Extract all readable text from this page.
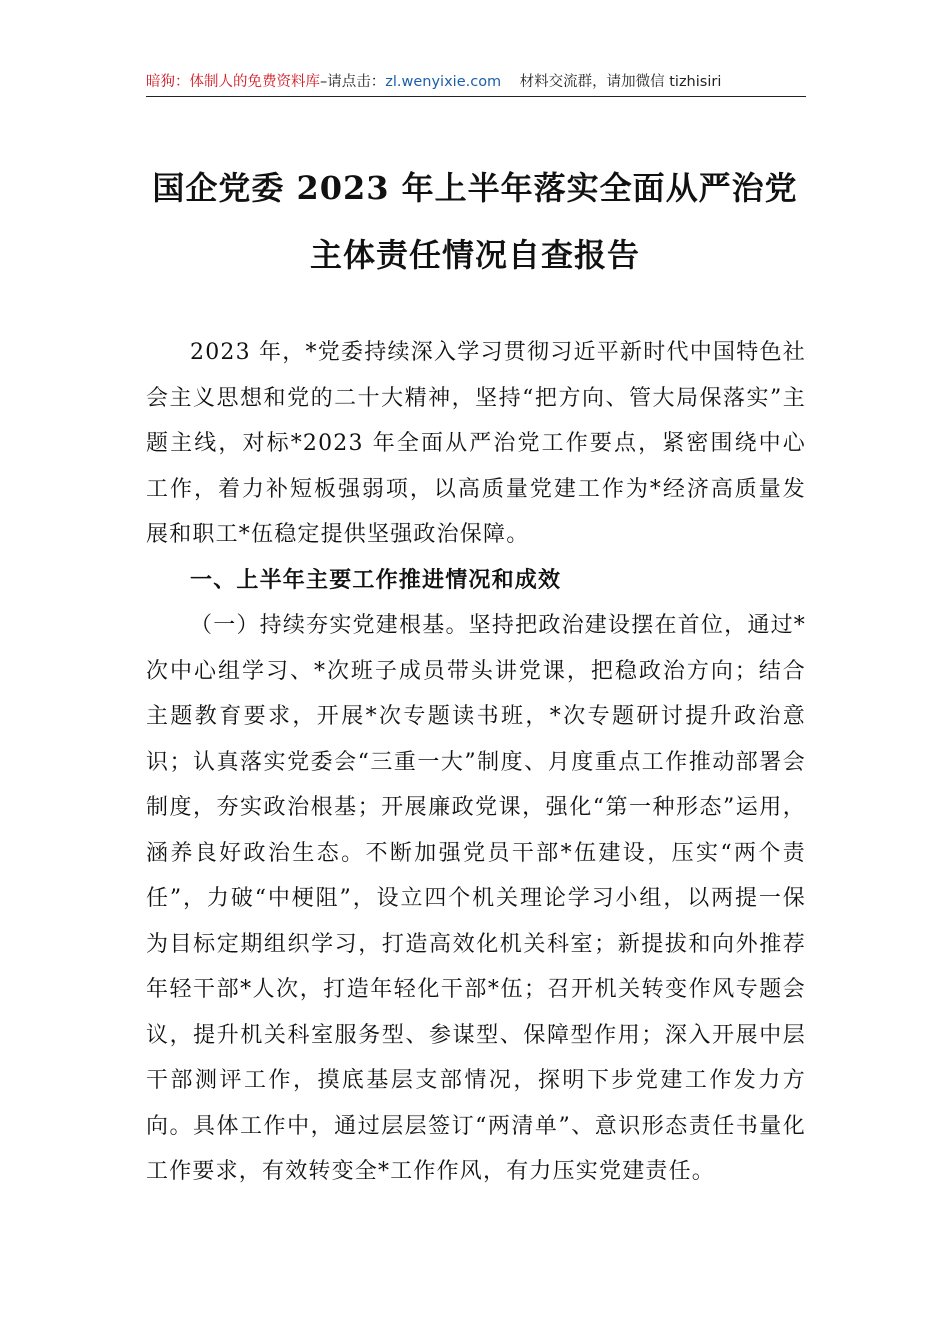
暗狗：体制人的免费资料库–请点击：zl.wenyixie.com 材料交流群，请加微信 tizhisiri
国企党委 2023 年上半年落实全面从严治党
主体责任情况自查报告

2023 年，*党委持续深入学习贯彻习近平新时代中国特色社会主义思想和党的二十大精神，坚持“把方向、管大局保落实”主题主线，对标*2023 年全面从严治党工作要点，紧密围绕中心工作，着力补短板强弱项，以高质量党建工作为*经济高质量发展和职工*伍稳定提供坚强政治保障。

一、上半年主要工作推进情况和成效

（一）持续夯实党建根基。坚持把政治建设摆在首位，通过*次中心组学习、*次班子成员带头讲党课，把稳政治方向；结合主题教育要求，开展*次专题读书班，*次专题研讨提升政治意识；认真落实党委会“三重一大”制度、月度重点工作推动部署会制度，夯实政治根基；开展廉政党课，强化“第一种形态”运用，涵养良好政治生态。不断加强党员干部*伍建设，压实“两个责任”，力破“中梗阻”，设立四个机关理论学习小组，以两提一保为目标定期组织学习，打造高效化机关科室；新提拔和向外推荐年轻干部*人次，打造年轻化干部*伍；召开机关转变作风专题会议，提升机关科室服务型、参谋型、保障型作用；深入开展中层干部测评工作，摸底基层支部情况，探明下步党建工作发力方向。具体工作中，通过层层签订“两清单”、意识形态责任书量化工作要求，有效转变全*工作作风，有力压实党建责任。
